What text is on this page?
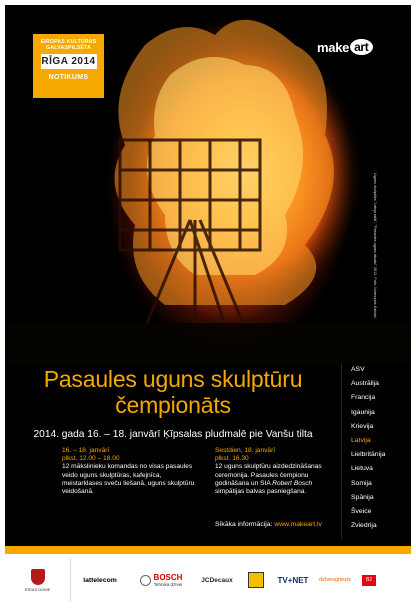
EIROPAS KULTŪRAS GALVASPILSĒTA
RĪGA 2014
NOTIKUMS
make art
Uguns skulptūra "Latvju rakti", "Pasaules uguns ritualu" 2012. Foto: Normunds Kalviņš
Pasaules uguns skulptūru
čempionāts
2014. gada 16. – 18. janvārī Ķīpsalas pludmalē pie Vanšu tilta
16. – 18. janvārī
plkst. 12.00 – 18.00
12 mākslinieku komandas no visas pasaules veido uguns skulptūras, kafejnīca, meistarklases sveču liešanā, uguns skulptūru veidošanā.
Sestdien, 18. janvārī
plkst. 16.30
12 uguns skulptūru aizdedzināšanas ceremonija. Pasaules čempionu godināšana un SIA Robert Bosch simpātijas balvas pasniegšana.
Sīkāka informācija: www.makeart.lv
ASV
Austrālija
Francija
Igaunija
Krievija
Latvija
Lielbritānija
Lietuva
Somija
Spānija
Šveice
Zviedrija
RĪGAS DOME
lattelecom	BOSCH
Tehnika dzīvei
JCDecaux	TV+NET dzīvesgriezis	B2
